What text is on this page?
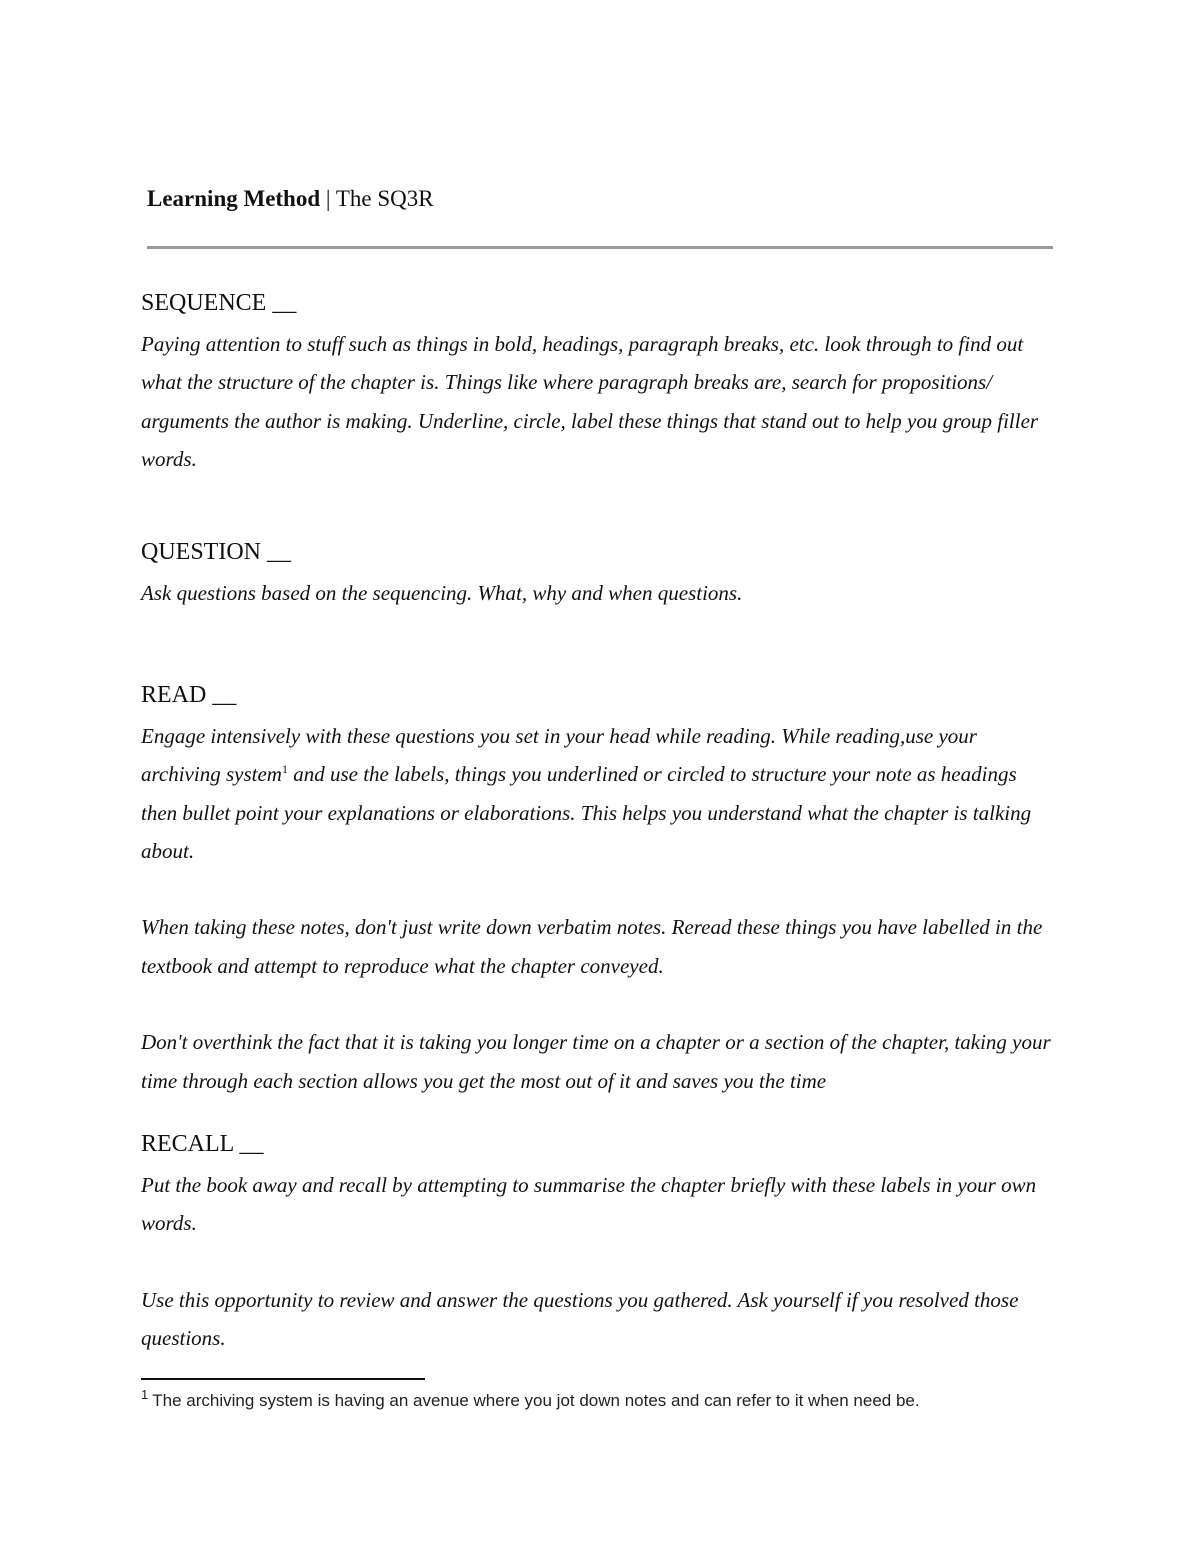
Learning Method | The SQ3R

SEQUENCE __

Paying attention to stuff such as things in bold, headings, paragraph breaks, etc. look through to find out what the structure of the chapter is. Things like where paragraph breaks are, search for propositions/ arguments the author is making. Underline, circle, label these things that stand out to help you group filler words.

QUESTION __

Ask questions based on the sequencing. What, why and when questions.

READ __

Engage intensively with these questions you set in your head while reading. While reading,use your archiving system$^1$ and use the labels, things you underlined or circled to structure your note as headings then bullet point your explanations or elaborations. This helps you understand what the chapter is talking about.

When taking these notes, don't just write down verbatim notes. Reread these things you have labelled in the textbook and attempt to reproduce what the chapter conveyed.

Don't overthink the fact that it is taking you longer time on a chapter or a section of the chapter, taking your time through each section allows you get the most out of it and saves you the time

RECALL __

Put the book away and recall by attempting to summarise the chapter briefly with these labels in your own words.

Use this opportunity to review and answer the questions you gathered. Ask yourself if you resolved those questions.

$^1$ The archiving system is having an avenue where you jot down notes and can refer to it when need be.
